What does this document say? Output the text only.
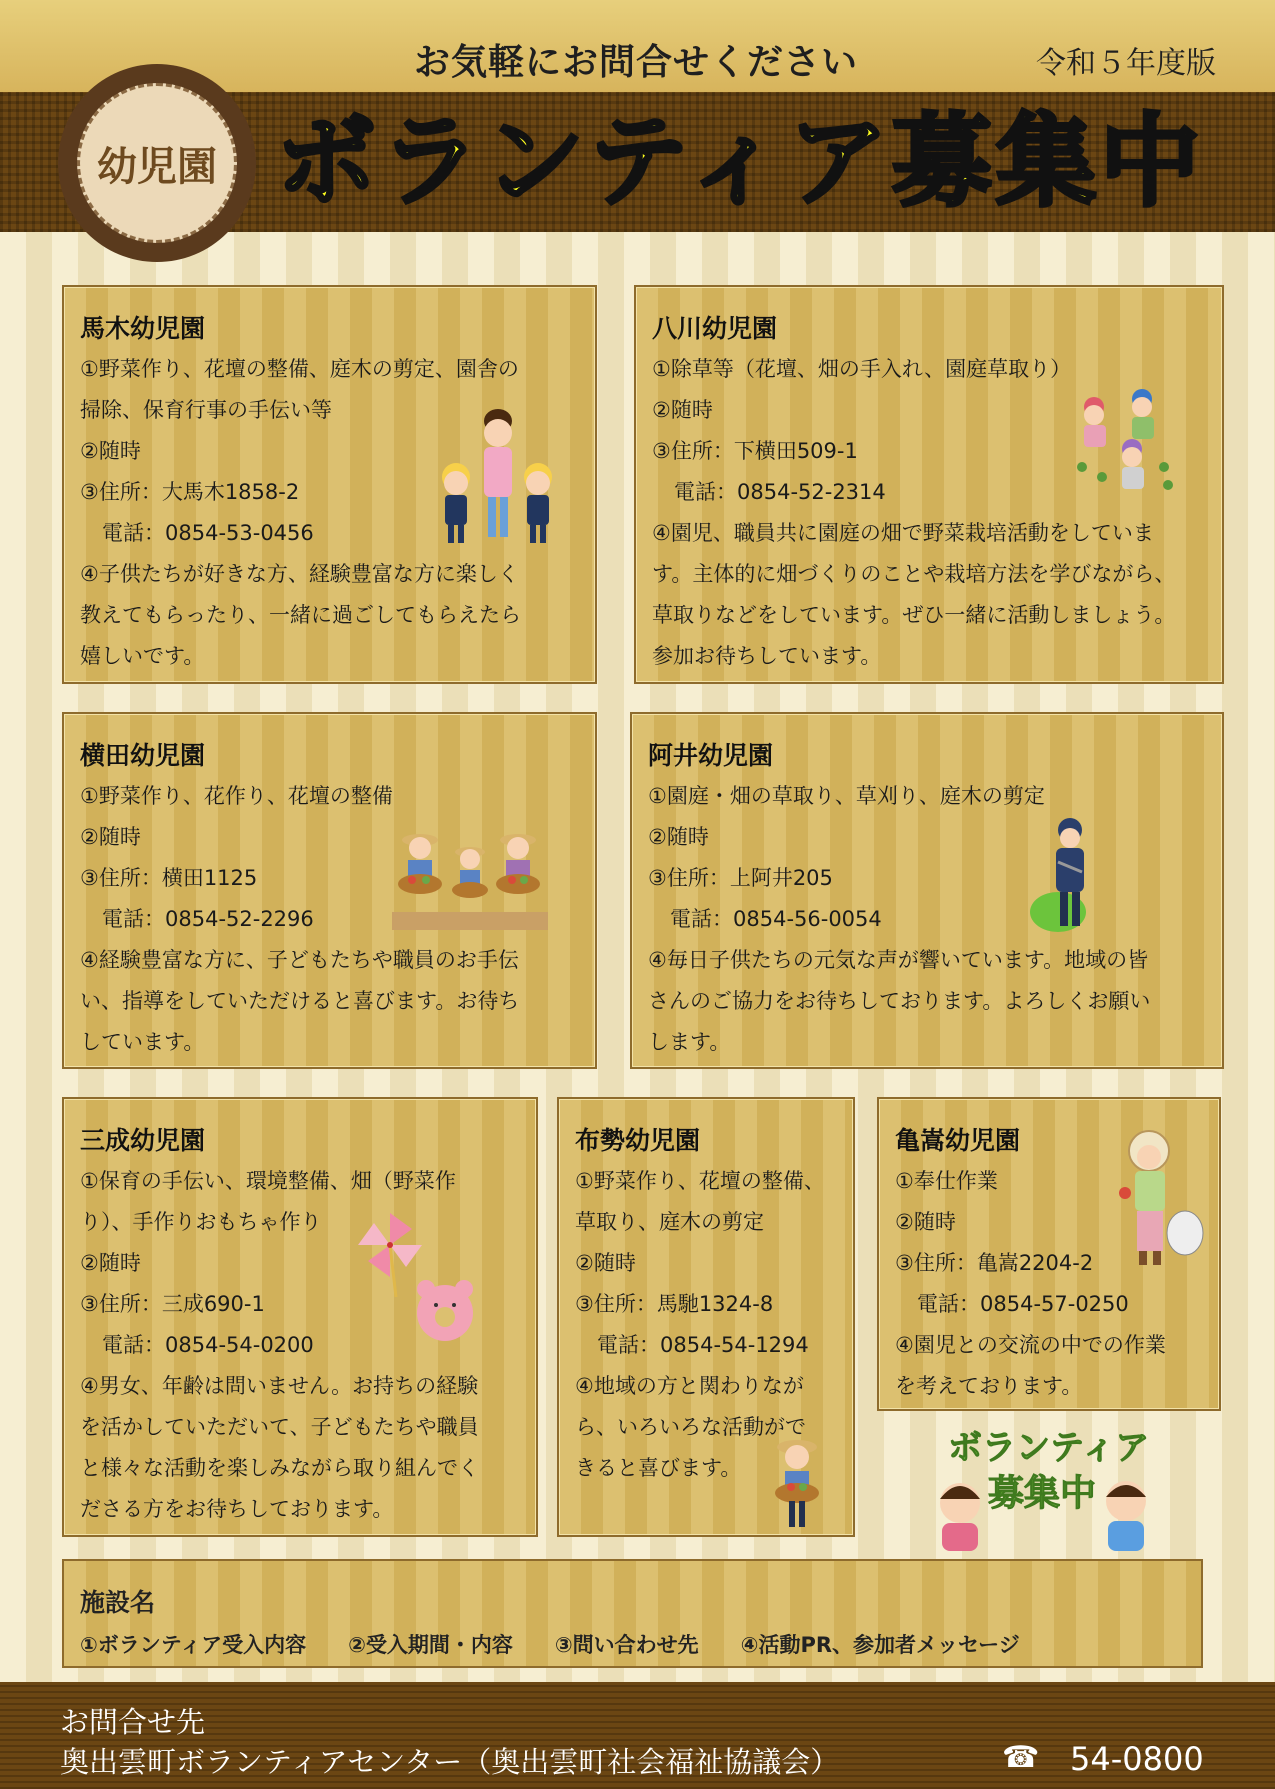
お気軽にお問合せください	令和５年度版
幼児園 ボランティア募集中
馬木幼児園
①野菜作り、花壇の整備、庭木の剪定、園舎の
掃除、保育行事の手伝い等
②随時
③住所：大馬木1858-2
電話：0854-53-0456
④子供たちが好きな方、経験豊富な方に楽しく
教えてもらったり、一緒に過ごしてもらえたら
嬉しいです。
八川幼児園
①除草等（花壇、畑の手入れ、園庭草取り）
②随時
③住所：下横田509-1
電話：0854-52-2314
④園児、職員共に園庭の畑で野菜栽培活動をしていま
す。主体的に畑づくりのことや栽培方法を学びながら、
草取りなどをしています。ぜひ一緒に活動しましょう。
参加お待ちしています。
横田幼児園
①野菜作り、花作り、花壇の整備
②随時
③住所：横田1125
電話：0854-52-2296
④経験豊富な方に、子どもたちや職員のお手伝
い、指導をしていただけると喜びます。お待ち
しています。
阿井幼児園
①園庭・畑の草取り、草刈り、庭木の剪定
②随時
③住所：上阿井205
電話：0854-56-0054
④毎日子供たちの元気な声が響いています。地域の皆
さんのご協力をお待ちしております。よろしくお願い
します。
三成幼児園
①保育の手伝い、環境整備、畑（野菜作
り）、手作りおもちゃ作り
②随時
③住所：三成690-1
電話：0854-54-0200
④男女、年齢は問いません。お持ちの経験
を活かしていただいて、子どもたちや職員
と様々な活動を楽しみながら取り組んでく
ださる方をお待ちしております。
布勢幼児園
①野菜作り、花壇の整備、
草取り、庭木の剪定
②随時
③住所：馬馳1324-8
電話：0854-54-1294
④地域の方と関わりなが
ら、いろいろな活動がで
きると喜びます。
亀嵩幼児園
①奉仕作業
②随時
③住所：亀嵩2204-2
電話：0854-57-0250
④園児との交流の中での作業
を考えております。
ボランティア
募集中
施設名
①ボランティア受入内容 ②受入期間・内容 ③問い合わせ先 ④活動PR、参加者メッセージ
お問合せ先
奥出雲町ボランティアセンター（奥出雲町社会福祉協議会）	☎ 54-0800
